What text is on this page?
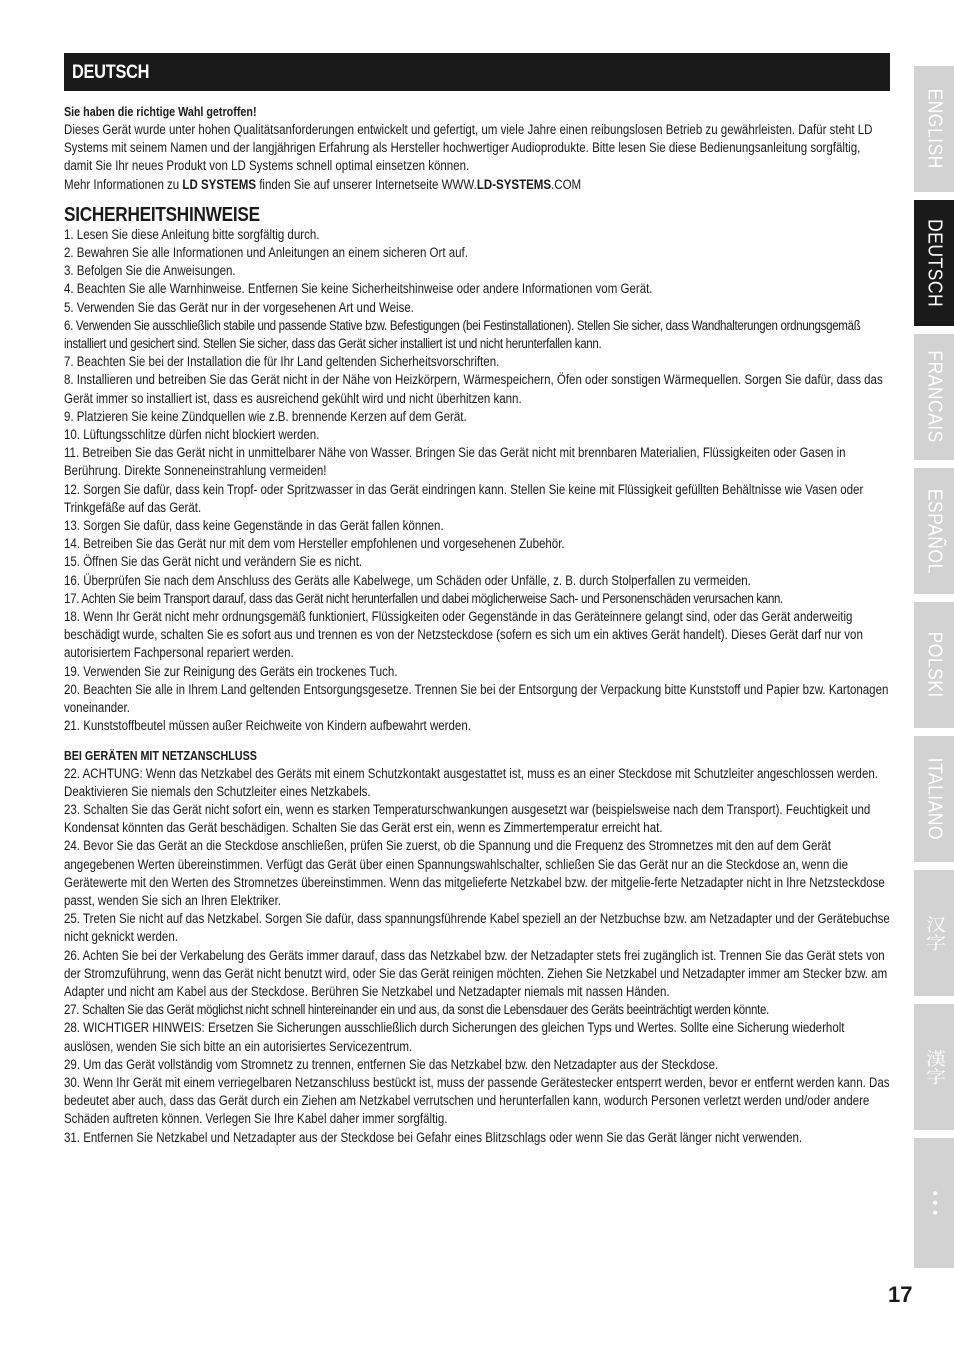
DEUTSCH
Sie haben die richtige Wahl getroffen!
Dieses Gerät wurde unter hohen Qualitätsanforderungen entwickelt und gefertigt, um viele Jahre einen reibungslosen Betrieb zu gewährleisten. Dafür steht LD Systems mit seinem Namen und der langjährigen Erfahrung als Hersteller hochwertiger Audioprodukte. Bitte lesen Sie diese Bedienungsanleitung sorgfältig, damit Sie Ihr neues Produkt von LD Systems schnell optimal einsetzen können.
Mehr Informationen zu LD SYSTEMS finden Sie auf unserer Internetseite WWW.LD-SYSTEMS.COM
SICHERHEITSHINWEISE
1. Lesen Sie diese Anleitung bitte sorgfältig durch.
2. Bewahren Sie alle Informationen und Anleitungen an einem sicheren Ort auf.
3. Befolgen Sie die Anweisungen.
4. Beachten Sie alle Warnhinweise. Entfernen Sie keine Sicherheitshinweise oder andere Informationen vom Gerät.
5. Verwenden Sie das Gerät nur in der vorgesehenen Art und Weise.
6. Verwenden Sie ausschließlich stabile und passende Stative bzw. Befestigungen (bei Festinstallationen). Stellen Sie sicher, dass Wandhalterungen ordnungsgemäß installiert und gesichert sind. Stellen Sie sicher, dass das Gerät sicher installiert ist und nicht herunterfallen kann.
7. Beachten Sie bei der Installation die für Ihr Land geltenden Sicherheitsvorschriften.
8. Installieren und betreiben Sie das Gerät nicht in der Nähe von Heizkörpern, Wärmespeichern, Öfen oder sonstigen Wärmequellen. Sorgen Sie dafür, dass das Gerät immer so installiert ist, dass es ausreichend gekühlt wird und nicht überhitzen kann.
9. Platzieren Sie keine Zündquellen wie z.B. brennende Kerzen auf dem Gerät.
10. Lüftungsschlitze dürfen nicht blockiert werden.
11. Betreiben Sie das Gerät nicht in unmittelbarer Nähe von Wasser. Bringen Sie das Gerät nicht mit brennbaren Materialien, Flüssigkeiten oder Gasen in Berührung. Direkte Sonneneinstrahlung vermeiden!
12. Sorgen Sie dafür, dass kein Tropf- oder Spritzwasser in das Gerät eindringen kann. Stellen Sie keine mit Flüssigkeit gefüllten Behältnisse wie Vasen oder Trinkgefäße auf das Gerät.
13. Sorgen Sie dafür, dass keine Gegenstände in das Gerät fallen können.
14. Betreiben Sie das Gerät nur mit dem vom Hersteller empfohlenen und vorgesehenen Zubehör.
15. Öffnen Sie das Gerät nicht und verändern Sie es nicht.
16. Überprüfen Sie nach dem Anschluss des Geräts alle Kabelwege, um Schäden oder Unfälle, z. B. durch Stolperfallen zu vermeiden.
17. Achten Sie beim Transport darauf, dass das Gerät nicht herunterfallen und dabei möglicherweise Sach- und Personenschäden verursachen kann.
18. Wenn Ihr Gerät nicht mehr ordnungsgemäß funktioniert, Flüssigkeiten oder Gegenstände in das Geräteinnere gelangt sind, oder das Gerät anderweitig beschädigt wurde, schalten Sie es sofort aus und trennen es von der Netzsteckdose (sofern es sich um ein aktives Gerät handelt). Dieses Gerät darf nur von autorisiertem Fachpersonal repariert werden.
19. Verwenden Sie zur Reinigung des Geräts ein trockenes Tuch.
20. Beachten Sie alle in Ihrem Land geltenden Entsorgungsgesetze. Trennen Sie bei der Entsorgung der Verpackung bitte Kunststoff und Papier bzw. Kartonagen voneinander.
21. Kunststoffbeutel müssen außer Reichweite von Kindern aufbewahrt werden.
BEI GERÄTEN MIT NETZANSCHLUSS
22. ACHTUNG: Wenn das Netzkabel des Geräts mit einem Schutzkontakt ausgestattet ist, muss es an einer Steckdose mit Schutzleiter angeschlossen werden. Deaktivieren Sie niemals den Schutzleiter eines Netzkabels.
23. Schalten Sie das Gerät nicht sofort ein, wenn es starken Temperaturschwankungen ausgesetzt war (beispielsweise nach dem Transport). Feuchtigkeit und Kondensat könnten das Gerät beschädigen. Schalten Sie das Gerät erst ein, wenn es Zimmertemperatur erreicht hat.
24. Bevor Sie das Gerät an die Steckdose anschließen, prüfen Sie zuerst, ob die Spannung und die Frequenz des Stromnetzes mit den auf dem Gerät angegebenen Werten übereinstimmen. Verfügt das Gerät über einen Spannungswahlschalter, schließen Sie das Gerät nur an die Steckdose an, wenn die Gerätewerte mit den Werten des Stromnetzes übereinstimmen. Wenn das mitgelieferte Netzkabel bzw. der mitgelie-ferte Netzadapter nicht in Ihre Netzsteckdose passt, wenden Sie sich an Ihren Elektriker.
25. Treten Sie nicht auf das Netzkabel. Sorgen Sie dafür, dass spannungsführende Kabel speziell an der Netzbuchse bzw. am Netzadapter und der Gerätebuchse nicht geknickt werden.
26. Achten Sie bei der Verkabelung des Geräts immer darauf, dass das Netzkabel bzw. der Netzadapter stets frei zugänglich ist. Trennen Sie das Gerät stets von der Stromzuführung, wenn das Gerät nicht benutzt wird, oder Sie das Gerät reinigen möchten. Ziehen Sie Netzkabel und Netzadapter immer am Stecker bzw. am Adapter und nicht am Kabel aus der Steckdose. Berühren Sie Netzkabel und Netzadapter niemals mit nassen Händen.
27. Schalten Sie das Gerät möglichst nicht schnell hintereinander ein und aus, da sonst die Lebensdauer des Geräts beeinträchtigt werden könnte.
28. WICHTIGER HINWEIS: Ersetzen Sie Sicherungen ausschließlich durch Sicherungen des gleichen Typs und Wertes. Sollte eine Sicherung wiederholt auslösen, wenden Sie sich bitte an ein autorisiertes Servicezentrum.
29. Um das Gerät vollständig vom Stromnetz zu trennen, entfernen Sie das Netzkabel bzw. den Netzadapter aus der Steckdose.
30. Wenn Ihr Gerät mit einem verriegelbaren Netzanschluss bestückt ist, muss der passende Gerätestecker entsperrt werden, bevor er entfernt werden kann. Das bedeutet aber auch, dass das Gerät durch ein Ziehen am Netzkabel verrutschen und herunterfallen kann, wodurch Personen verletzt werden und/oder andere Schäden auftreten können. Verlegen Sie Ihre Kabel daher immer sorgfältig.
31. Entfernen Sie Netzkabel und Netzadapter aus der Steckdose bei Gefahr eines Blitzschlags oder wenn Sie das Gerät länger nicht verwenden.
ENGLISH
DEUTSCH
FRANCAIS
ESPAÑOL
POLSKI
ITALIANO
汉字
漢字
• • •
17
